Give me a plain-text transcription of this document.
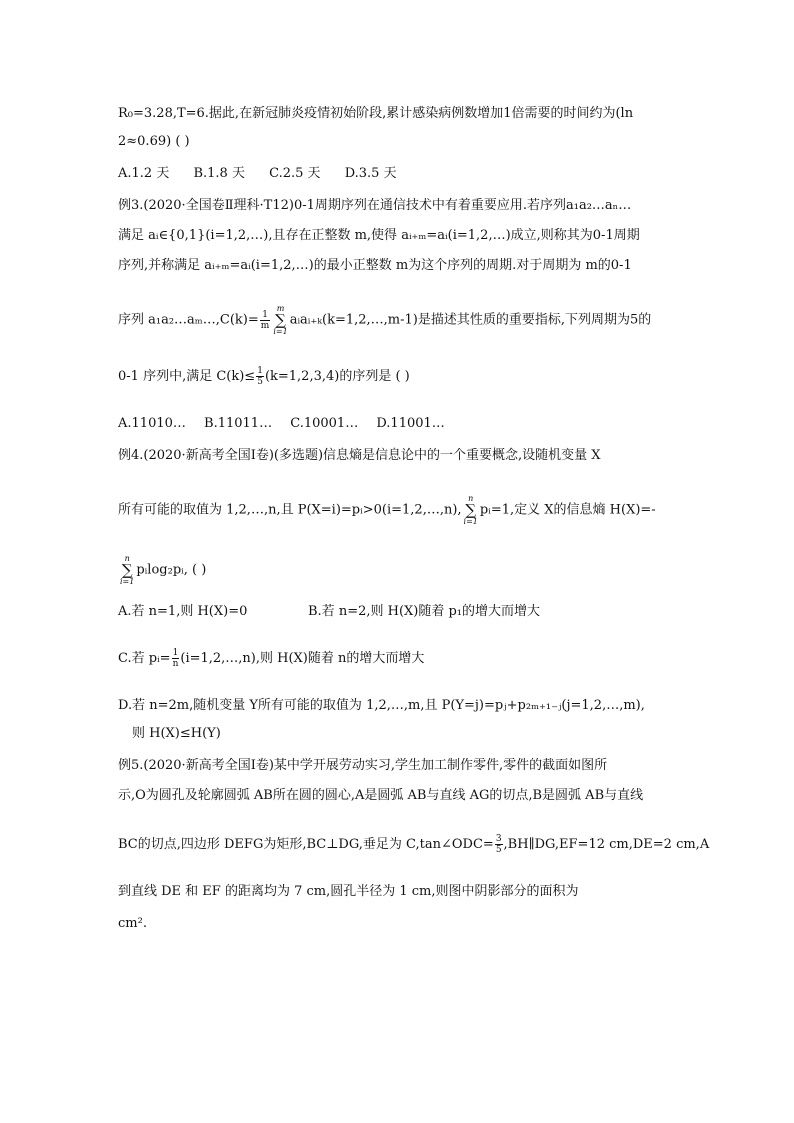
R₀=3.28,T=6.据此,在新冠肺炎疫情初始阶段,累计感染病例数增加1倍需要的时间约为(ln
2≈0.69) ( )
A.1.2 天 B.1.8 天 C.2.5 天 D.3.5 天
例3.(2020·全国卷Ⅱ理科·T12)0-1周期序列在通信技术中有着重要应用.若序列a₁a₂…aₙ…
满足 aᵢ∈{0,1}(i=1,2,…),且存在正整数 m,使得 aᵢ₊ₘ=aᵢ(i=1,2,…)成立,则称其为0-1周期
序列,并称满足 aᵢ₊ₘ=aᵢ(i=1,2,…)的最小正整数 m为这个序列的周期.对于周期为 m的0-1
序列 a₁a₂…aₘ…,C(k)= $\frac{1}{m}$
m
∑
i=1
aᵢaᵢ₊ₖ(k=1,2,…,m-1)是描述其性质的重要指标,下列周期为5的
0-1 序列中,满足 $C(k)\le \frac{1}{5} (k=1,2,3,4)$的序列是 ( )
A.11010… B.11011… C.10001… D.11001…
例4.(2020·新高考全国Ⅰ卷)(多选题)信息熵是信息论中的一个重要概念,设随机变量 X
所有可能的取值为 1,2,…,n,且 P(X=i)=pᵢ>0(i=1,2,…,n),
n
∑
i=1
pᵢ=1,定义 X的信息熵 H(X)=-
n
∑
i=1
pᵢlog₂pᵢ, ( )
A.若 n=1,则 H(X)=0	B.若 n=2,则 H(X)随着 p₁的增大而增大
C.若 pᵢ= $\frac{1}{n}$ (i=1,2,…,n),则 H(X)随着 n的增大而增大
D.若 n=2m,随机变量 Y所有可能的取值为 1,2,…,m,且 P(Y=j)=pⱼ+p₂ₘ₊₁₋ⱼ(j=1,2,…,m),
则 H(X)≤H(Y)
例5.(2020·新高考全国Ⅰ卷)某中学开展劳动实习,学生加工制作零件,零件的截面如图所
示,O为圆孔及轮廓圆弧 AB所在圆的圆心,A是圆弧 AB与直线 AG的切点,B是圆弧 AB与直线
BC的切点,四边形 DEFG为矩形,BC⊥DG,垂足为 C,tan∠ODC= $\frac{3}{5}$ ,BH∥DG,EF=12 cm,DE=2 cm,A
到直线 DE 和 EF 的距离均为 7 cm,圆孔半径为 1 cm,则图中阴影部分的面积为
cm².
